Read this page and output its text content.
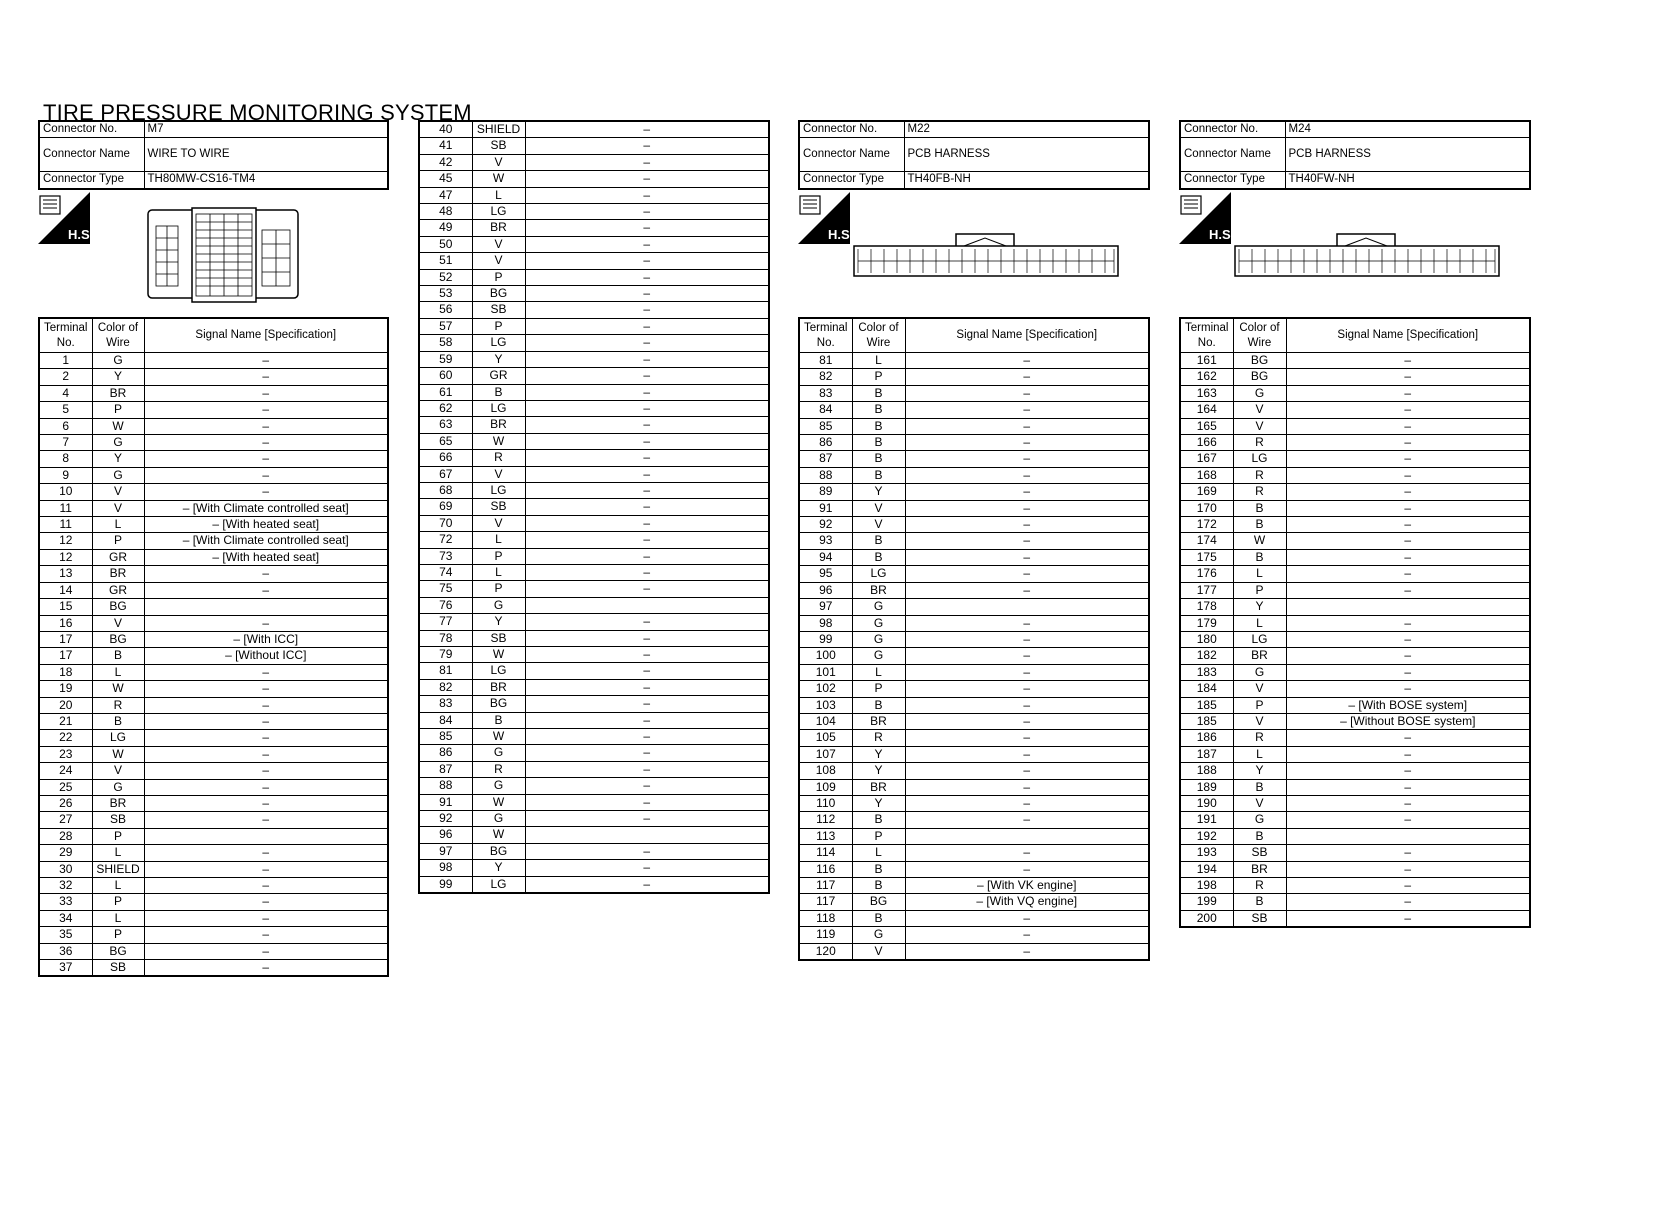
TIRE PRESSURE MONITORING SYSTEM
Connector No.	M7
Connector Name	WIRE TO WIRE
Connector Type	TH80MW-CS16-TM4
H.S.
Terminal No.	Color of Wire	Signal Name [Specification]
1	G	–
2	Y	–
4	BR	–
5	P	–
6	W	–
7	G	–
8	Y	–
9	G	–
10	V	–
11	V	– [With Climate controlled seat]
11	L	– [With heated seat]
12	P	– [With Climate controlled seat]
12	GR	– [With heated seat]
13	BR	–
14	GR	–
15	BG	
16	V	–
17	BG	– [With ICC]
17	B	– [Without ICC]
18	L	–
19	W	–
20	R	–
21	B	–
22	LG	–
23	W	–
24	V	–
25	G	–
26	BR	–
27	SB	–
28	P	
29	L	–
30	SHIELD	–
32	L	–
33	P	–
34	L	–
35	P	–
36	BG	–
37	SB	–
40	SHIELD	–
41	SB	–
42	V	–
45	W	–
47	L	–
48	LG	–
49	BR	–
50	V	–
51	V	–
52	P	–
53	BG	–
56	SB	–
57	P	–
58	LG	–
59	Y	–
60	GR	–
61	B	–
62	LG	–
63	BR	–
65	W	–
66	R	–
67	V	–
68	LG	–
69	SB	–
70	V	–
72	L	–
73	P	–
74	L	–
75	P	–
76	G	
77	Y	–
78	SB	–
79	W	–
81	LG	–
82	BR	–
83	BG	–
84	B	–
85	W	–
86	G	–
87	R	–
88	G	–
91	W	–
92	G	–
96	W	
97	BG	–
98	Y	–
99	LG	–
Connector No.	M22
Connector Name	PCB HARNESS
Connector Type	TH40FB-NH
H.S.
Terminal No.	Color of Wire	Signal Name [Specification]
81	L	–
82	P	–
83	B	–
84	B	–
85	B	–
86	B	–
87	B	–
88	B	–
89	Y	–
91	V	–
92	V	–
93	B	–
94	B	–
95	LG	–
96	BR	–
97	G	
98	G	–
99	G	–
100	G	–
101	L	–
102	P	–
103	B	–
104	BR	–
105	R	–
107	Y	–
108	Y	–
109	BR	–
110	Y	–
112	B	–
113	P	
114	L	–
116	B	–
117	B	– [With VK engine]
117	BG	– [With VQ engine]
118	B	–
119	G	–
120	V	–
Connector No.	M24
Connector Name	PCB HARNESS
Connector Type	TH40FW-NH
H.S.
Terminal No.	Color of Wire	Signal Name [Specification]
161	BG	–
162	BG	–
163	G	–
164	V	–
165	V	–
166	R	–
167	LG	–
168	R	–
169	R	–
170	B	–
172	B	–
174	W	–
175	B	–
176	L	–
177	P	–
178	Y	
179	L	–
180	LG	–
182	BR	–
183	G	–
184	V	–
185	P	– [With BOSE system]
185	V	– [Without BOSE system]
186	R	–
187	L	–
188	Y	–
189	B	–
190	V	–
191	G	–
192	B	
193	SB	–
194	BR	–
198	R	–
199	B	–
200	SB	–
